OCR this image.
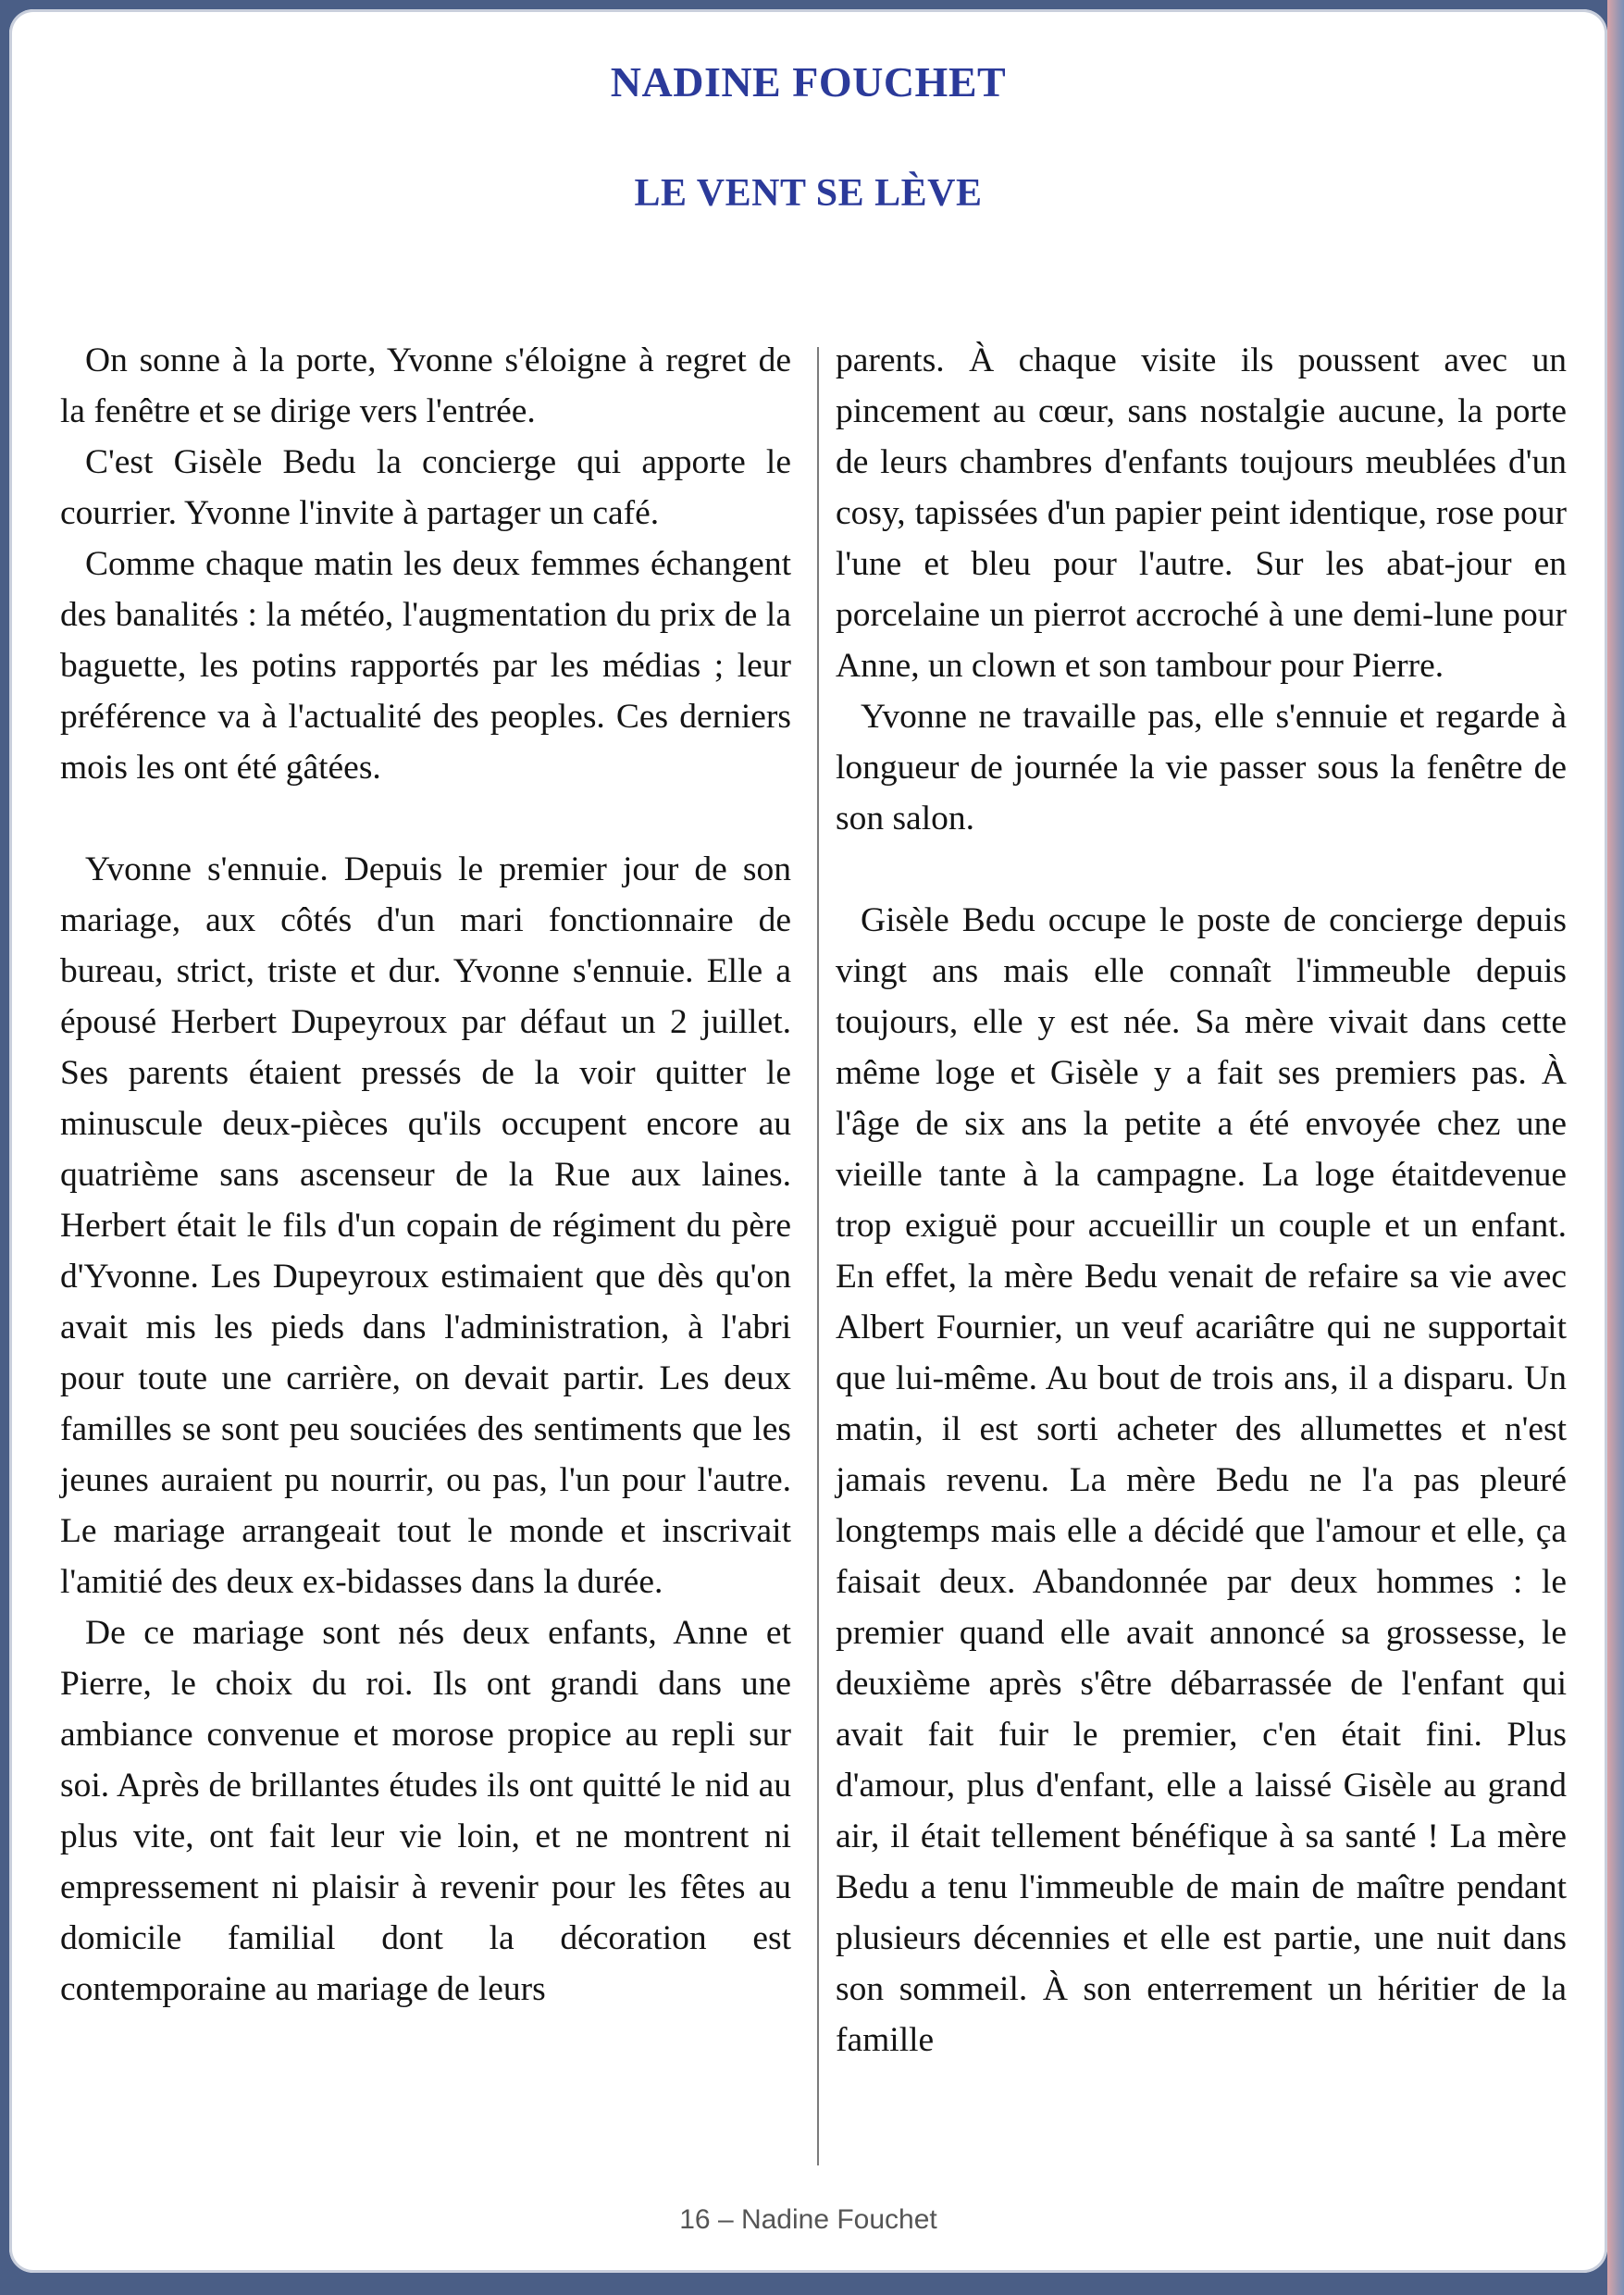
NADINE FOUCHET
LE VENT SE LÈVE

On sonne à la porte, Yvonne s'éloigne à regret de la fenêtre et se dirige vers l'entrée.

C'est Gisèle Bedu la concierge qui apporte le courrier. Yvonne l'invite à partager un café.

Comme chaque matin les deux femmes échangent des banalités : la météo, l'augmentation du prix de la baguette, les potins rapportés par les médias ; leur préférence va à l'actualité des peoples. Ces derniers mois les ont été gâtées.

Yvonne s'ennuie. Depuis le premier jour de son mariage, aux côtés d'un mari fonctionnaire de bureau, strict, triste et dur. Yvonne s'ennuie. Elle a épousé Herbert Dupeyroux par défaut un 2 juillet. Ses parents étaient pressés de la voir quitter le minuscule deux-pièces qu'ils occupent encore au quatrième sans ascenseur de la Rue aux laines. Herbert était le fils d'un copain de régiment du père d'Yvonne. Les Dupeyroux estimaient que dès qu'on avait mis les pieds dans l'administration, à l'abri pour toute une carrière, on devait partir. Les deux familles se sont peu souciées des sentiments que les jeunes auraient pu nourrir, ou pas, l'un pour l'autre. Le mariage arrangeait tout le monde et inscrivait l'amitié des deux ex-bidasses dans la durée.

De ce mariage sont nés deux enfants, Anne et Pierre, le choix du roi. Ils ont grandi dans une ambiance convenue et morose propice au repli sur soi. Après de brillantes études ils ont quitté le nid au plus vite, ont fait leur vie loin, et ne montrent ni empressement ni plaisir à revenir pour les fêtes au domicile familial dont la décoration est contemporaine au mariage de leurs

parents. À chaque visite ils poussent avec un pincement au cœur, sans nostalgie aucune, la porte de leurs chambres d'enfants toujours meublées d'un cosy, tapissées d'un papier peint identique, rose pour l'une et bleu pour l'autre. Sur les abat-jour en porcelaine un pierrot accroché à une demi-lune pour Anne, un clown et son tambour pour Pierre.

Yvonne ne travaille pas, elle s'ennuie et regarde à longueur de journée la vie passer sous la fenêtre de son salon.

Gisèle Bedu occupe le poste de concierge depuis vingt ans mais elle connaît l'immeuble depuis toujours, elle y est née. Sa mère vivait dans cette même loge et Gisèle y a fait ses premiers pas. À l'âge de six ans la petite a été envoyée chez une vieille tante à la campagne. La loge étaitdevenue trop exiguë pour accueillir un couple et un enfant. En effet, la mère Bedu venait de refaire sa vie avec Albert Fournier, un veuf acariâtre qui ne supportait que lui-même. Au bout de trois ans, il a disparu. Un matin, il est sorti acheter des allumettes et n'est jamais revenu. La mère Bedu ne l'a pas pleuré longtemps mais elle a décidé que l'amour et elle, ça faisait deux. Abandonnée par deux hommes : le premier quand elle avait annoncé sa grossesse, le deuxième après s'être débarrassée de l'enfant qui avait fait fuir le premier, c'en était fini. Plus d'amour, plus d'enfant, elle a laissé Gisèle au grand air, il était tellement bénéfique à sa santé ! La mère Bedu a tenu l'immeuble de main de maître pendant plusieurs décennies et elle est partie, une nuit dans son sommeil. À son enterrement un héritier de la famille

16 – Nadine Fouchet
